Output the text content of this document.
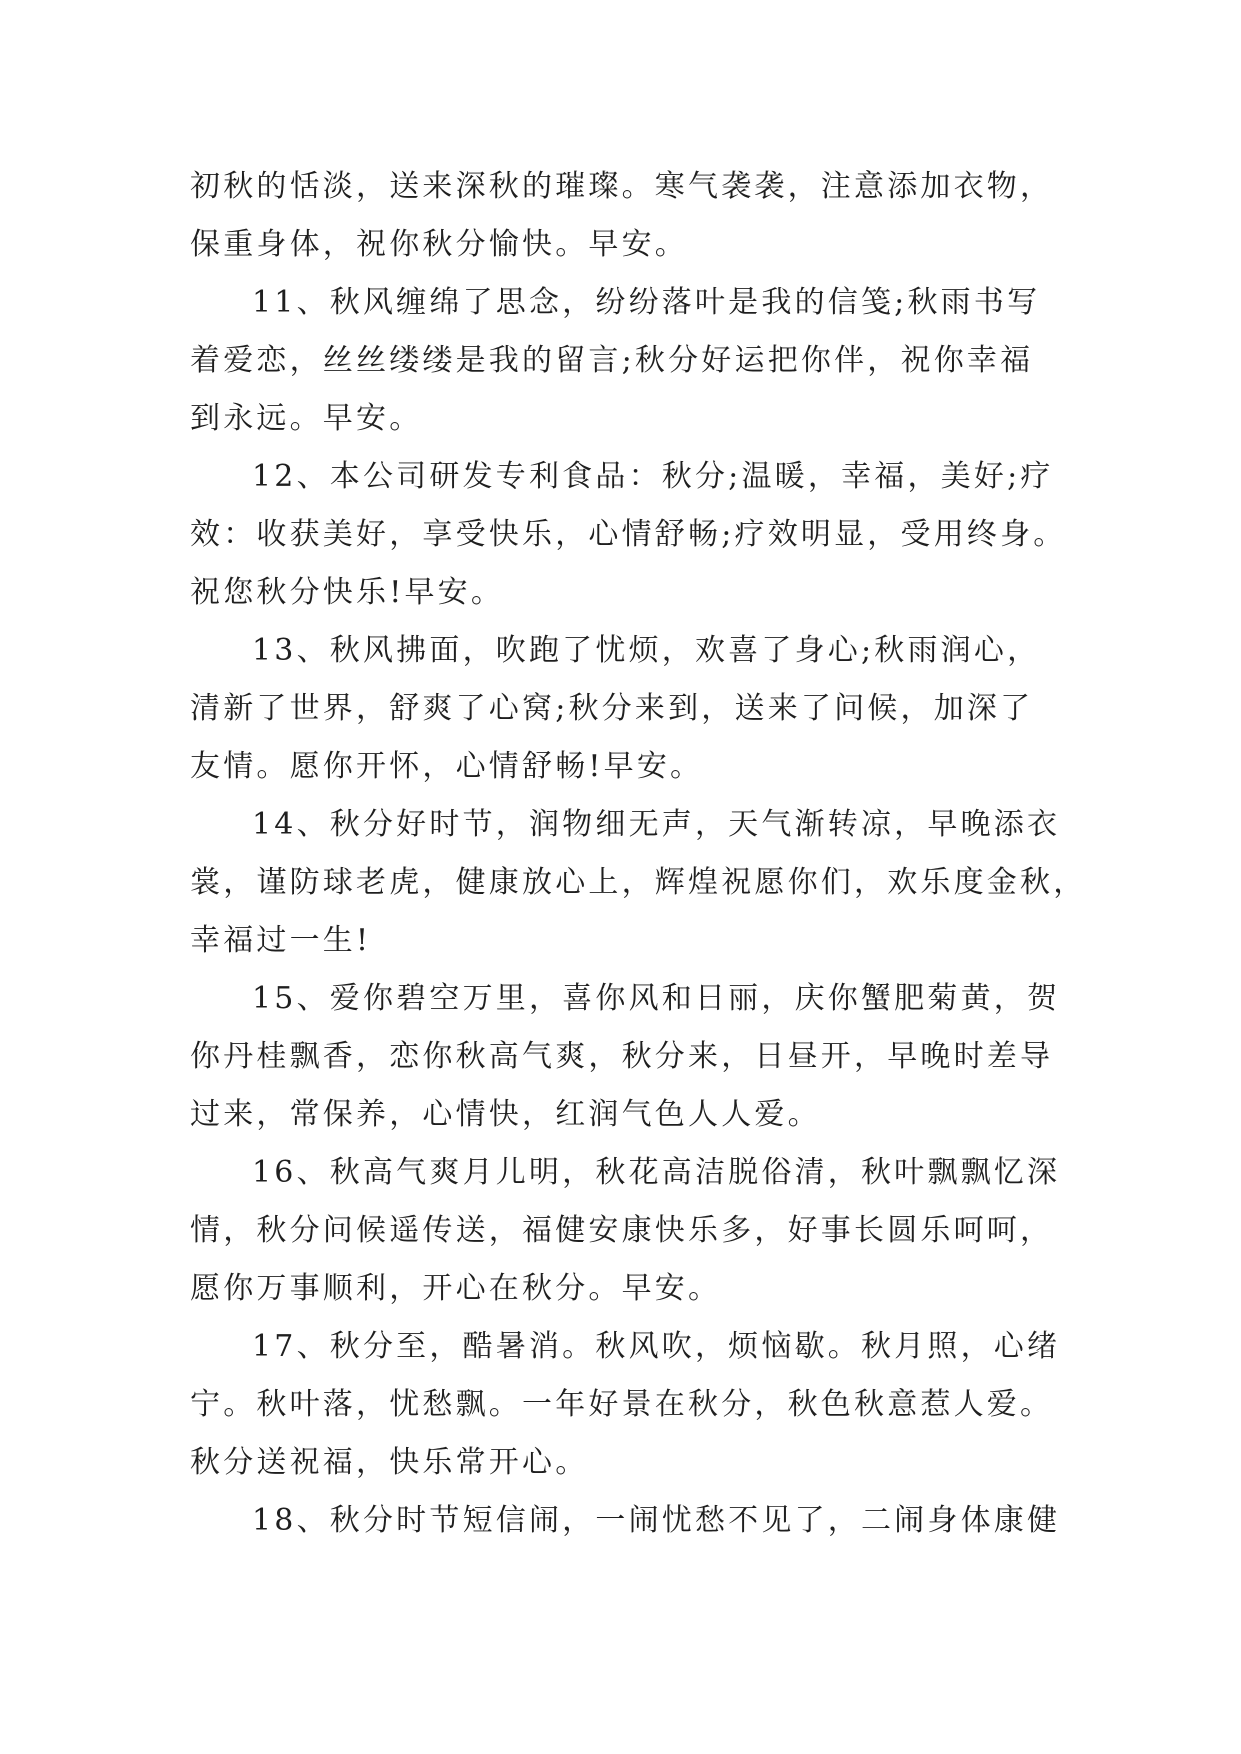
初秋的恬淡，送来深秋的璀璨。寒气袭袭，注意添加衣物，
保重身体，祝你秋分愉快。早安。
11、秋风缠绵了思念，纷纷落叶是我的信笺;秋雨书写
着爱恋，丝丝缕缕是我的留言;秋分好运把你伴，祝你幸福
到永远。早安。
12、本公司研发专利食品：秋分;温暖，幸福，美好;疗
效：收获美好，享受快乐，心情舒畅;疗效明显，受用终身。
祝您秋分快乐!早安。
13、秋风拂面，吹跑了忧烦，欢喜了身心;秋雨润心，
清新了世界，舒爽了心窝;秋分来到，送来了问候，加深了
友情。愿你开怀，心情舒畅!早安。
14、秋分好时节，润物细无声，天气渐转凉，早晚添衣
裳，谨防球老虎，健康放心上，辉煌祝愿你们，欢乐度金秋，
幸福过一生!
15、爱你碧空万里，喜你风和日丽，庆你蟹肥菊黄，贺
你丹桂飘香，恋你秋高气爽，秋分来，日昼开，早晚时差导
过来，常保养，心情快，红润气色人人爱。
16、秋高气爽月儿明，秋花高洁脱俗清，秋叶飘飘忆深
情，秋分问候遥传送，福健安康快乐多，好事长圆乐呵呵，
愿你万事顺利，开心在秋分。早安。
17、秋分至，酷暑消。秋风吹，烦恼歇。秋月照，心绪
宁。秋叶落，忧愁飘。一年好景在秋分，秋色秋意惹人爱。
秋分送祝福，快乐常开心。
18、秋分时节短信闹，一闹忧愁不见了，二闹身体康健
